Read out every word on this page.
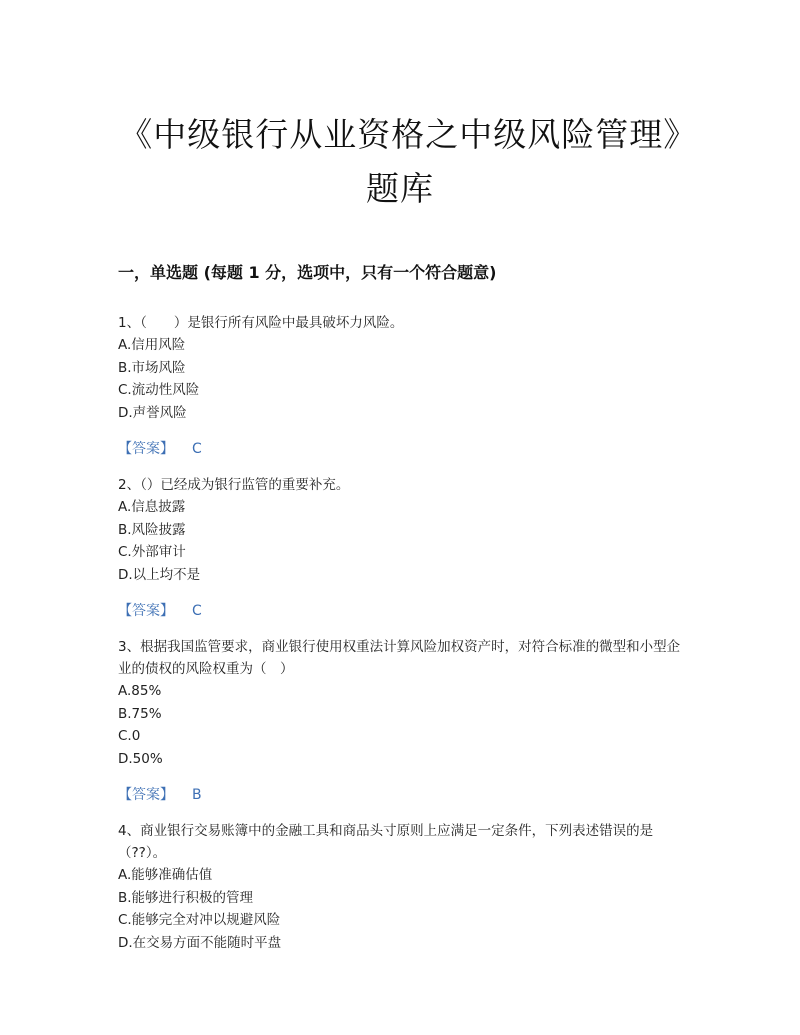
《中级银行从业资格之中级风险管理》题库
一，单选题 (每题 1 分，选项中，只有一个符合题意)

1、（　　）是银行所有风险中最具破坏力风险。

A.信用风险

B.市场风险

C.流动性风险

D.声誉风险

【答案】 C

2、（）已经成为银行监管的重要补充。

A.信息披露

B.风险披露

C.外部审计

D.以上均不是

【答案】 C

3、根据我国监管要求，商业银行使用权重法计算风险加权资产时，对符合标准的微型和小型企业的债权的风险权重为（　）

A.85%

B.75%

C.0

D.50%

【答案】 B

4、商业银行交易账簿中的金融工具和商品头寸原则上应满足一定条件，下列表述错误的是（??）。

A.能够准确估值

B.能够进行积极的管理

C.能够完全对冲以规避风险

D.在交易方面不能随时平盘
